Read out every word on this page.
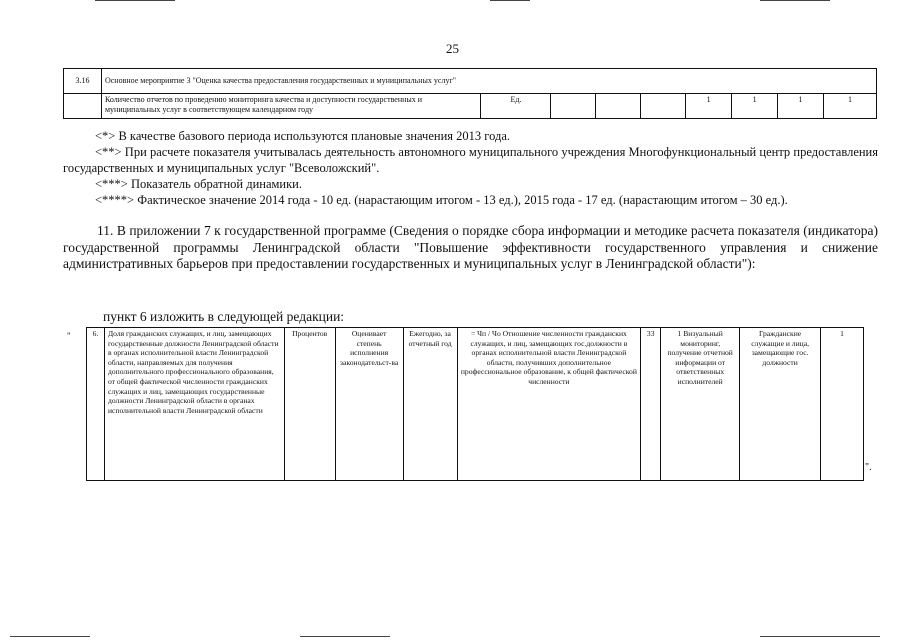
25
3.16	Основное мероприятие 3 "Оценка качества предоставления государственных и муниципальных услуг"								
	Количество отчетов по проведению мониторинга качества и доступности государственных и муниципальных услуг в соответствующем календарном году	Ед.				1	1	1	1

<*> В качестве базового периода используются плановые значения 2013 года.

<**> При расчете показателя учитывалась деятельность автономного муниципального учреждения Многофункциональный центр предоставления государственных и муниципальных услуг "Всеволожский".

<***> Показатель обратной динамики.

<****> Фактическое значение 2014 года - 10 ед. (нарастающим итогом - 13 ед.), 2015 года - 17 ед. (нарастающим итогом – 30 ед.).

11. В приложении 7 к государственной программе (Сведения о порядке сбора информации и методике расчета показателя (индикатора) государственной программы Ленинградской области "Повышение эффективности государственного управления и снижение административных барьеров при предоставлении государственных и муниципальных услуг в Ленинградской области"):

пункт 6 изложить в следующей редакции:
"	6.	Доля гражданских служащих, и лиц, замещающих государственные должности Ленинградской области в органах исполнительной власти Ленинградской области, направляемых для получения дополнительного профессионального образования, от общей фактической численности гражданских служащих и лиц, замещающих государственные должности Ленинградской области в органах исполнительной власти Ленинградской области	Процентов	Оценивает степень исполнения законодательст-ва	Ежегодно, за отчетный год	= Чп / Чо Отношение численности гражданских служащих, и лиц, замещающих гос.должности в органах исполнительной власти Ленинградской области, получивших дополнительное профессиональное образование, к общей фактической численности	33	1 Визуальный мониторинг, получение отчетной информации от ответственных исполнителей	Гражданские служащие и лица, замещающие гос. должности	1
".
